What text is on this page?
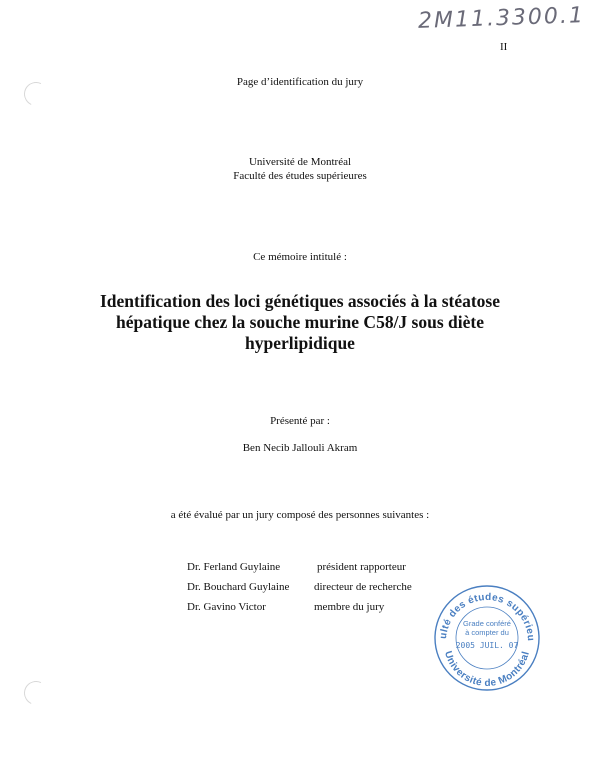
2M11.3300.1
II
Page d’identification du jury
Université de Montréal
Faculté des études supérieures
Ce mémoire intitulé :
Identification des loci génétiques associés à la stéatose
hépatique chez la souche murine C58/J sous diète
hyperlipidique
Présenté par :
Ben Necib Jallouli Akram
a été évalué par un jury composé des personnes suivantes :
Dr. Ferland Guylaine	président rapporteur
Dr. Bouchard Guylaine directeur de recherche
Dr. Gavino Victor	membre du jury
ulté des études supérieu
Université de Montréal
Grade conféré
à compter du
2005 JUIL. 07
